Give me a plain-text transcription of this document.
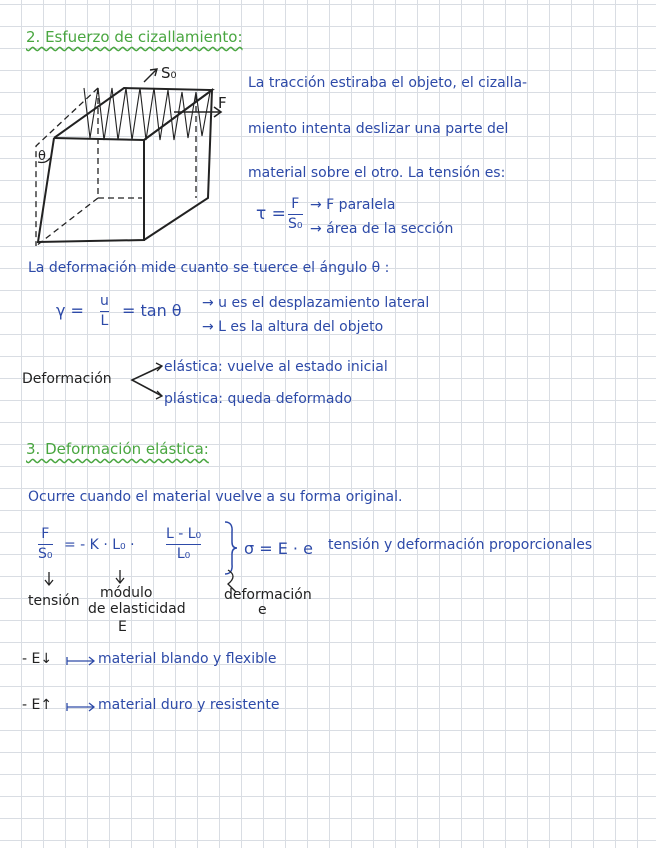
2. Esfuerzo de cizallamiento:
S₀
F
θ
La tracción estiraba el objeto, el cizalla-
miento intenta deslizar una parte del
material sobre el otro. La tensión es:
τ = F
S₀
→ F paralela
→ área de la sección
La deformación mide cuanto se tuerce el ángulo θ :
γ = u
L
= tan θ → u es el desplazamiento lateral
→ L es la altura del objeto
Deformación
elástica: vuelve al estado inicial
plástica: queda deformado
3. Deformación elástica:
Ocurre cuando el material vuelve a su forma original.
F
S₀
= - K · L₀ ·
L - L₀
L₀	σ = E · e tensión y deformación proporcionales
tensión módulo
de elasticidad
E
deformación
e
- E↓	material blando y flexible
- E↑	material duro y resistente
